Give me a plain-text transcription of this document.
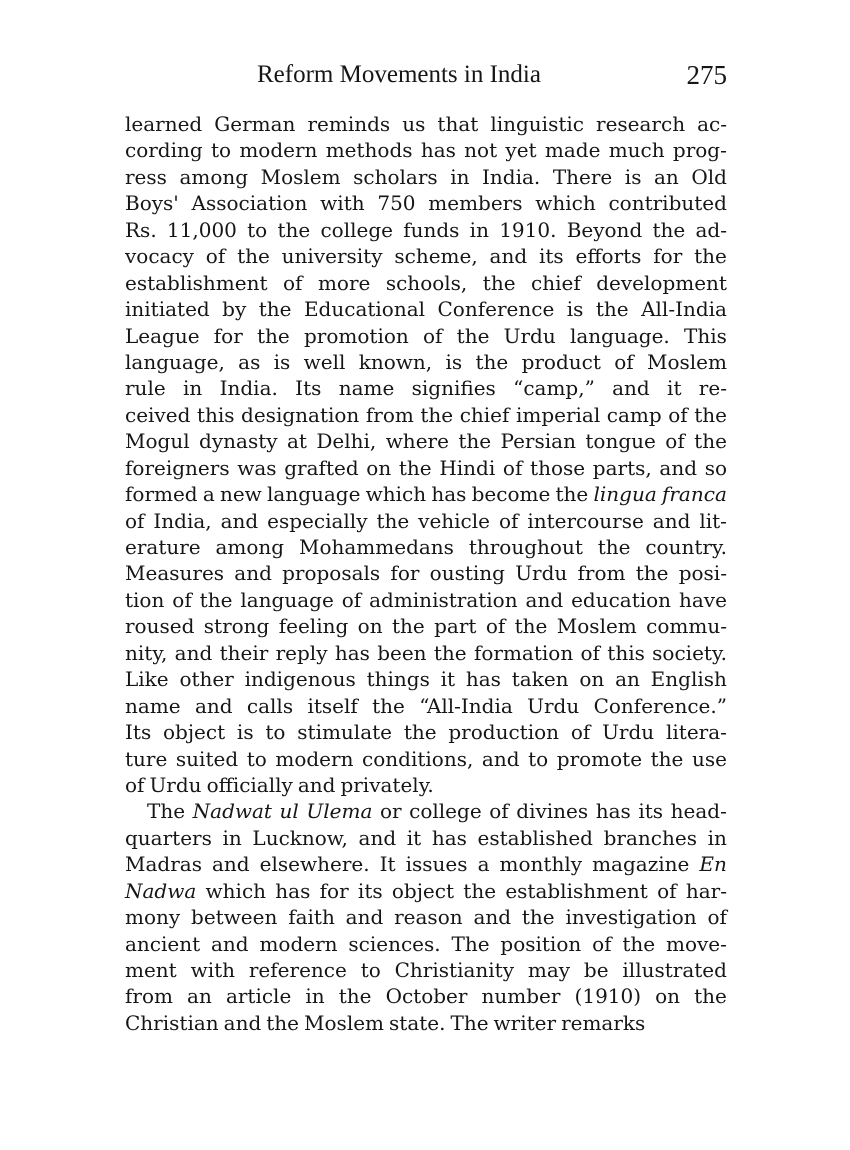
Reform Movements in India	275
learned German reminds us that linguistic research ac-
cording to modern methods has not yet made much prog-
ress among Moslem scholars in India. There is an Old
Boys' Association with 750 members which contributed
Rs. 11,000 to the college funds in 1910. Beyond the ad-
vocacy of the university scheme, and its efforts for the
establishment of more schools, the chief development
initiated by the Educational Conference is the All-India
League for the promotion of the Urdu language. This
language, as is well known, is the product of Moslem
rule in India. Its name signifies “camp,” and it re-
ceived this designation from the chief imperial camp of the
Mogul dynasty at Delhi, where the Persian tongue of the
foreigners was grafted on the Hindi of those parts, and so
formed a new language which has become the lingua franca
of India, and especially the vehicle of intercourse and lit-
erature among Mohammedans throughout the country.
Measures and proposals for ousting Urdu from the posi-
tion of the language of administration and education have
roused strong feeling on the part of the Moslem commu-
nity, and their reply has been the formation of this society.
Like other indigenous things it has taken on an English
name and calls itself the “All-India Urdu Conference.”
Its object is to stimulate the production of Urdu litera-
ture suited to modern conditions, and to promote the use
of Urdu officially and privately.
The Nadwat ul Ulema or college of divines has its head-
quarters in Lucknow, and it has established branches in
Madras and elsewhere. It issues a monthly magazine En
Nadwa which has for its object the establishment of har-
mony between faith and reason and the investigation of
ancient and modern sciences. The position of the move-
ment with reference to Christianity may be illustrated
from an article in the October number (1910) on the
Christian and the Moslem state. The writer remarks
